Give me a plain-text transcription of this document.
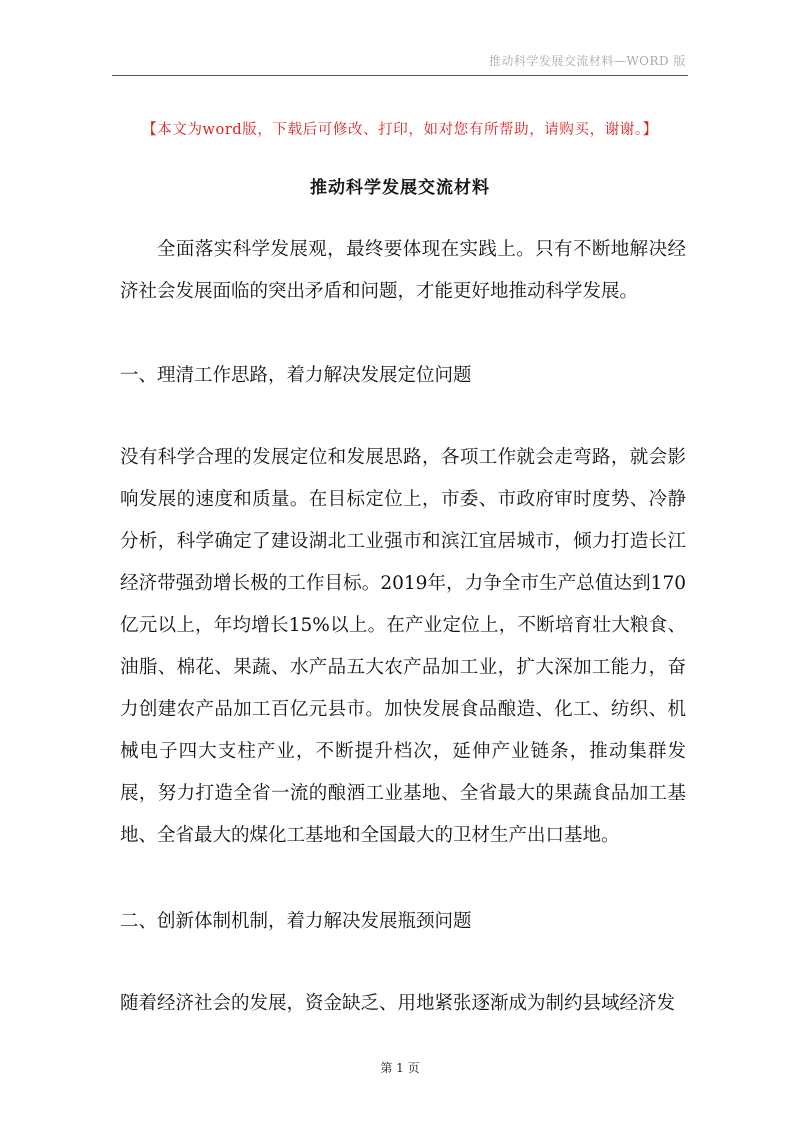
推动科学发展交流材料—WORD 版
【本文为word版，下载后可修改、打印，如对您有所帮助，请购买，谢谢。】
推动科学发展交流材料

全面落实科学发展观，最终要体现在实践上。只有不断地解决经济社会发展面临的突出矛盾和问题，才能更好地推动科学发展。

一、理清工作思路，着力解决发展定位问题

没有科学合理的发展定位和发展思路，各项工作就会走弯路，就会影响发展的速度和质量。在目标定位上，市委、市政府审时度势、冷静分析，科学确定了建设湖北工业强市和滨江宜居城市，倾力打造长江经济带强劲增长极的工作目标。2019年，力争全市生产总值达到170亿元以上，年均增长15%以上。在产业定位上，不断培育壮大粮食、油脂、棉花、果蔬、水产品五大农产品加工业，扩大深加工能力，奋力创建农产品加工百亿元县市。加快发展食品酿造、化工、纺织、机械电子四大支柱产业，不断提升档次，延伸产业链条，推动集群发展，努力打造全省一流的酿酒工业基地、全省最大的果蔬食品加工基地、全省最大的煤化工基地和全国最大的卫材生产出口基地。

二、创新体制机制，着力解决发展瓶颈问题

随着经济社会的发展，资金缺乏、用地紧张逐渐成为制约县域经济发

第 1 页
